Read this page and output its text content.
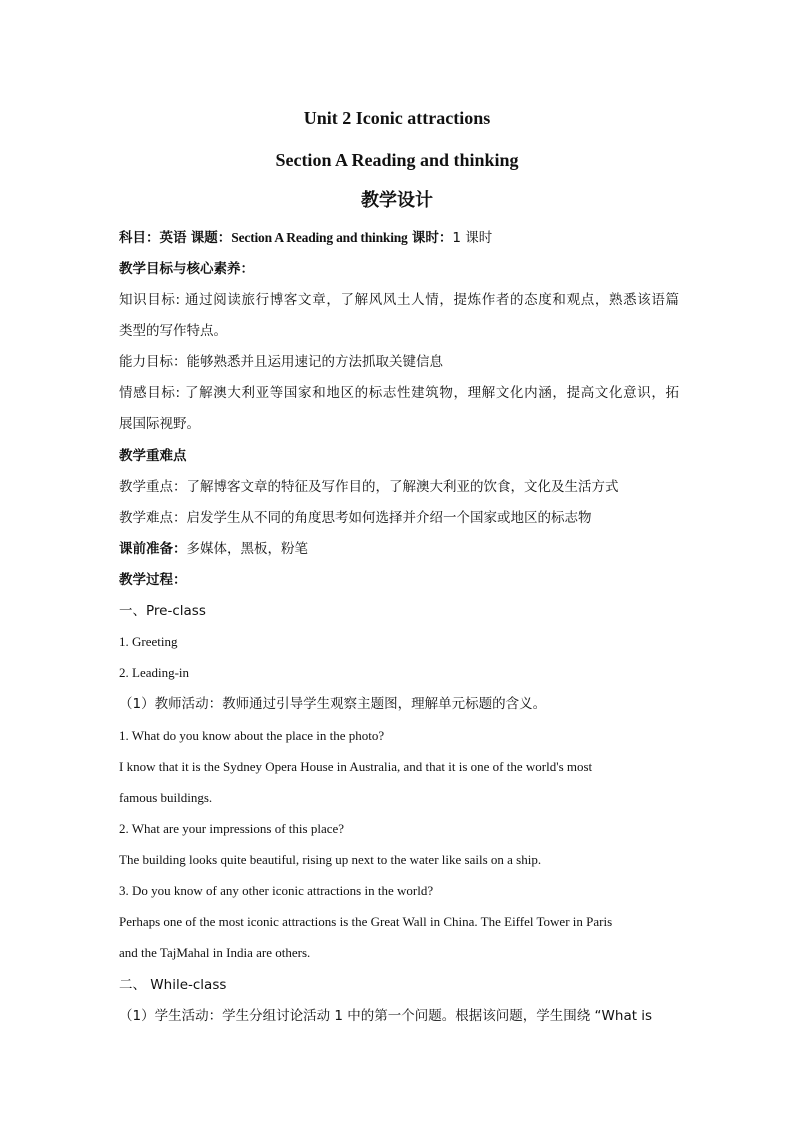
Unit 2 Iconic attractions
Section A Reading and thinking
教学设计
科目：英语 课题：Section A Reading and thinking 课时：1 课时
教学目标与核心素养：
知识目标: 通过阅读旅行博客文章，了解风风土人情，提炼作者的态度和观点，熟悉该语篇
类型的写作特点。
能力目标：能够熟悉并且运用速记的方法抓取关键信息
情感目标: 了解澳大利亚等国家和地区的标志性建筑物，理解文化内涵，提高文化意识，拓
展国际视野。
教学重难点
教学重点：了解博客文章的特征及写作目的，了解澳大利亚的饮食，文化及生活方式
教学难点：启发学生从不同的角度思考如何选择并介绍一个国家或地区的标志物
课前准备：多媒体，黑板，粉笔
教学过程：
一、Pre-class
1. Greeting
2. Leading-in
（1）教师活动：教师通过引导学生观察主题图，理解单元标题的含义。
1. What do you know about the place in the photo?
I know that it is the Sydney Opera House in Australia, and that it is one of the world's most
famous buildings.
2. What are your impressions of this place?
The building looks quite beautiful, rising up next to the water like sails on a ship.
3. Do you know of any other iconic attractions in the world?
Perhaps one of the most iconic attractions is the Great Wall in China. The Eiffel Tower in Paris
and the TajMahal in India are others.
二、 While-class
（1）学生活动：学生分组讨论活动 1 中的第一个问题。根据该问题，学生围绕 “What is
